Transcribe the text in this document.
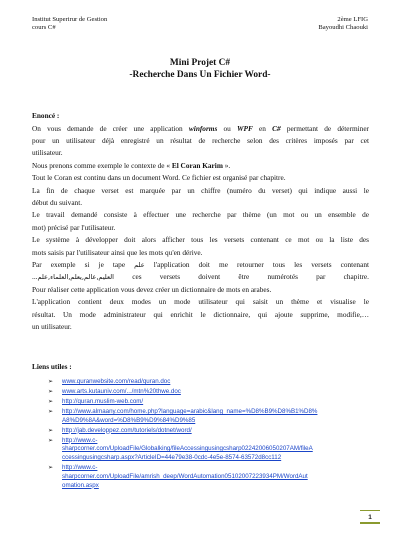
Institut Superirur de Gestion
cours C#
2ème LFIG
Bayoudhi Chaouki
Mini Projet C#
-Recherche Dans Un Fichier Word-
Enoncé :
On vous demande de créer une application winforms ou WPF en C# permettant de déterminer
pour un utilisateur déjà enregistré un résultat de recherche selon des critères imposés par cet
utilisateur.
Nous prenons comme exemple le contexte de « El Coran Karim ».
Tout le Coran est continu dans un document Word. Ce fichier est organisé par chapitre.
La fin de chaque verset est marquée par un chiffre (numéro du verset) qui indique aussi le
début du suivant.
Le travail demandé consiste à effectuer une recherche par thème (un mot ou un ensemble de
mot) précisé par l'utilisateur.
Le système à développer doit alors afficher tous les versets contenant ce mot ou la liste des
mots saisis par l'utilisateur ainsi que les mots qu'en dérive.
Par exemple si je tape علم l'application doit me retourner tous les versets contenant
...العليم,عالم,يعلم,العلماء,علم ces versets doivent être numérotés par chapitre.
Pour réaliser cette application vous devez créer un dictionnaire de mots en arabes.
L'application contient deux modes un mode utilisateur qui saisit un thème et visualise le
résultat. Un mode administrateur qui enrichit le dictionnaire, qui ajoute supprime, modifie,…
un utilisateur.
Liens utiles :
➢ www.quranwebsite.com/read/quran.doc
➢ www.arts.kutauniv.com/.../mtn%20thwe.doc
➢ http://quran.muslim-web.com/
➢ http://www.almaany.com/home.php?language=arabic&lang_name=%D8%B9%D8%B1%D8%
A8%D9%8A&word=%D8%B9%D9%84%D9%85
➢ http://jab.developpez.com/tutoriels/dotnet/word/
➢ http://www.c-
sharpcorner.com/UploadFile/Globalking/fileAccessingusingcsharp02242006050207AM/fileA
ccessingusingcsharp.aspx?ArticleID=44e79e38-0cdc-4e5e-8574-63572d8cc112
➢ http://www.c-
sharpcorner.com/UploadFile/amrish_deep/WordAutomation05102007223934PM/WordAut
omation.aspx
1
